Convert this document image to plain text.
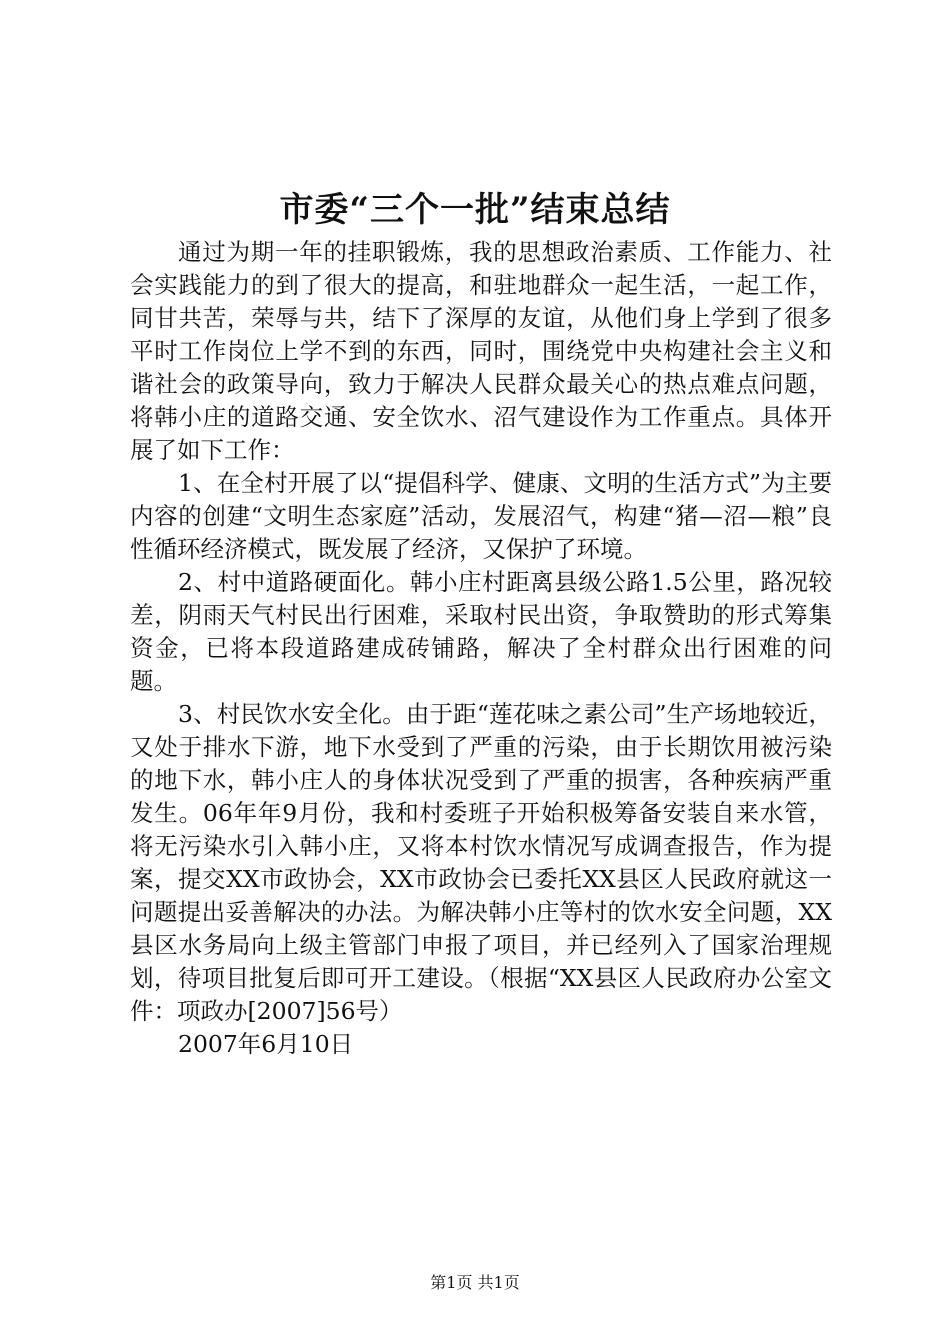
市委“三个一批”结束总结

通过为期一年的挂职锻炼，我的思想政治素质、工作能力、社会实践能力的到了很大的提高，和驻地群众一起生活，一起工作，同甘共苦，荣辱与共，结下了深厚的友谊，从他们身上学到了很多平时工作岗位上学不到的东西，同时，围绕党中央构建社会主义和谐社会的政策导向，致力于解决人民群众最关心的热点难点问题，将韩小庄的道路交通、安全饮水、沼气建设作为工作重点。具体开展了如下工作：

1、在全村开展了以“提倡科学、健康、文明的生活方式”为主要内容的创建“文明生态家庭”活动，发展沼气，构建“猪—沼—粮”良性循环经济模式，既发展了经济，又保护了环境。

2、村中道路硬面化。韩小庄村距离县级公路1.5公里，路况较差，阴雨天气村民出行困难，采取村民出资，争取赞助的形式筹集资金，已将本段道路建成砖铺路，解决了全村群众出行困难的问题。

3、村民饮水安全化。由于距“莲花味之素公司”生产场地较近，又处于排水下游，地下水受到了严重的污染，由于长期饮用被污染的地下水，韩小庄人的身体状况受到了严重的损害，各种疾病严重发生。06年年9月份，我和村委班子开始积极筹备安装自来水管，将无污染水引入韩小庄，又将本村饮水情况写成调查报告，作为提案，提交XX市政协会，XX市政协会已委托XX县区人民政府就这一问题提出妥善解决的办法。为解决韩小庄等村的饮水安全问题，XX县区水务局向上级主管部门申报了项目，并已经列入了国家治理规划，待项目批复后即可开工建设。（根据“XX县区人民政府办公室文件：项政办[2007]56号）

2007年6月10日
第1页 共1页
